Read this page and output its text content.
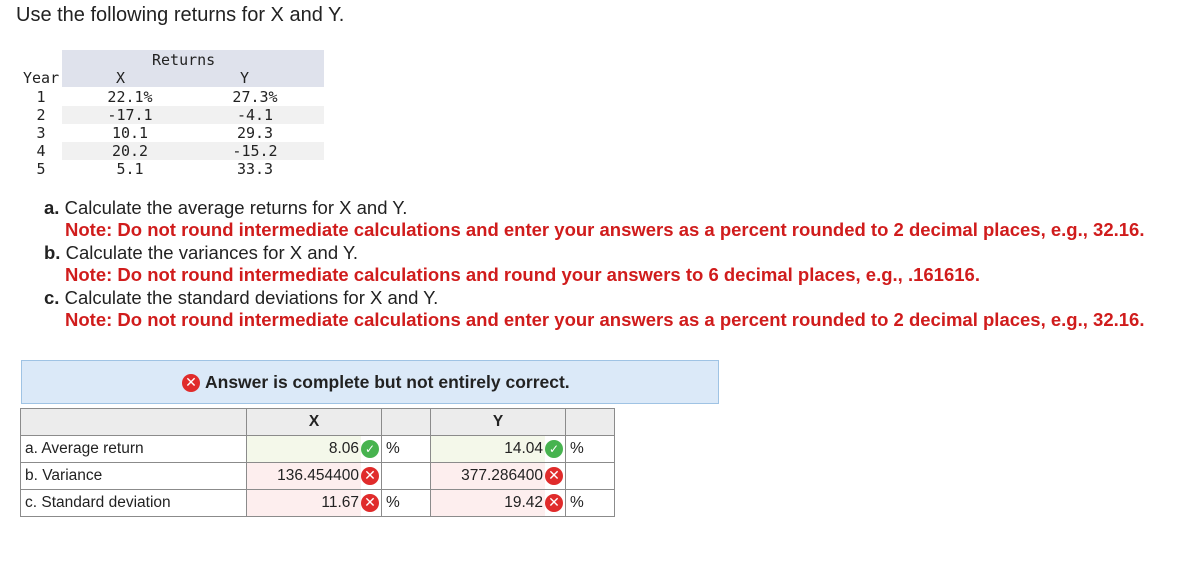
Use the following returns for X and Y.
Returns
Year	X	Y
1	22.1%	27.3%
2	-17.1	-4.1
3	10.1	29.3
4	20.2	-15.2
5	5.1	33.3
a. Calculate the average returns for X and Y.
Note: Do not round intermediate calculations and enter your answers as a percent rounded to 2 decimal places, e.g., 32.16.
b. Calculate the variances for X and Y.
Note: Do not round intermediate calculations and round your answers to 6 decimal places, e.g., .161616.
c. Calculate the standard deviations for X and Y.
Note: Do not round intermediate calculations and enter your answers as a percent rounded to 2 decimal places, e.g., 32.16.
✕ Answer is complete but not entirely correct.
	X			Y		
a. Average return	8.06	✓	%	14.04	✓	%
b. Variance	136.454400	✕		377.286400	✕	
c. Standard deviation	11.67	✕	%	19.42	✕	%
